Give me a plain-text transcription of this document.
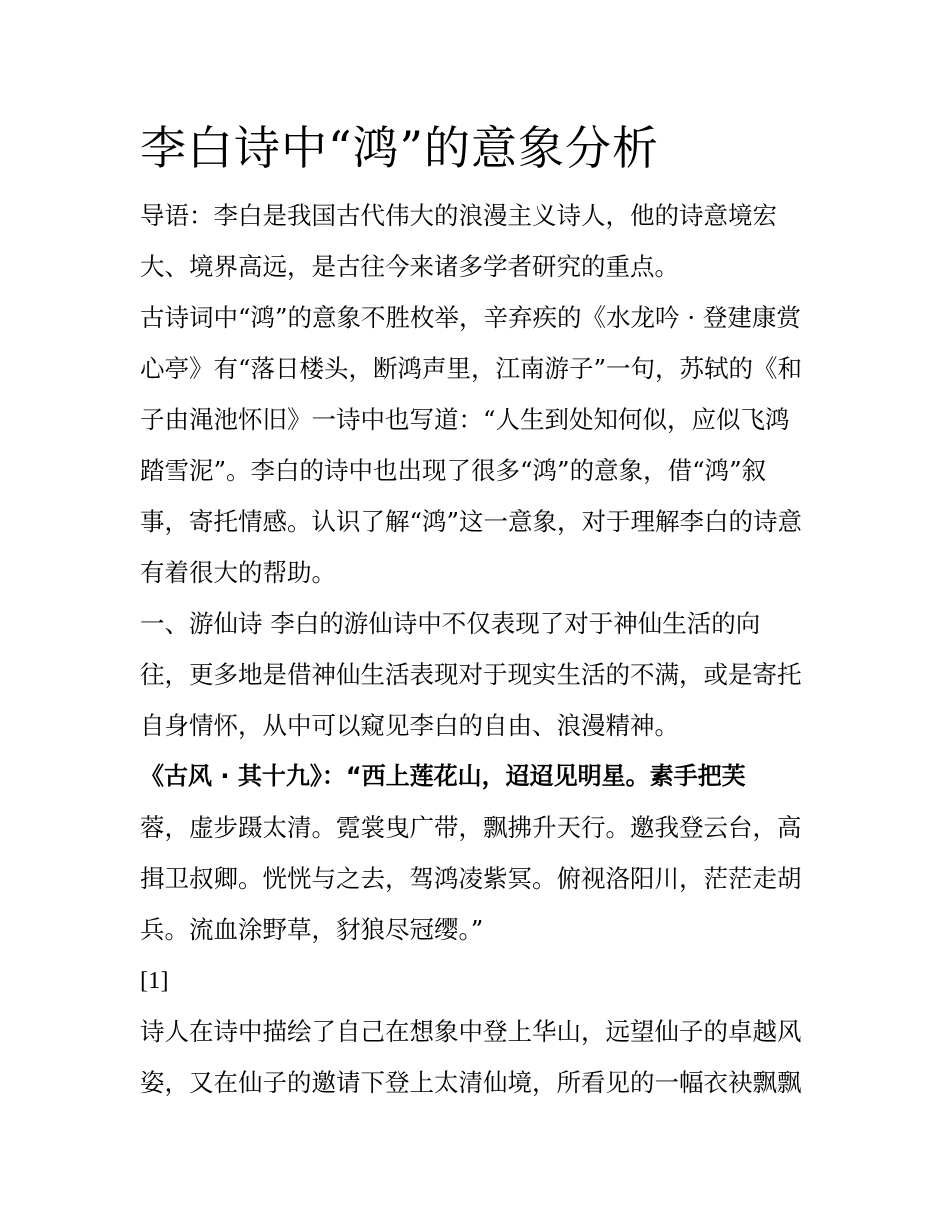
李白诗中“鸿”的意象分析

导语：李白是我国古代伟大的浪漫主义诗人，他的诗意境宏

大、境界高远，是古往今来诸多学者研究的重点。

古诗词中“鸿”的意象不胜枚举，辛弃疾的《水龙吟 · 登建康赏

心亭》有“落日楼头，断鸿声里，江南游子”一句，苏轼的《和

子由渑池怀旧》一诗中也写道：“人生到处知何似，应似飞鸿

踏雪泥”。李白的诗中也出现了很多“鸿”的意象，借“鸿”叙

事，寄托情感。认识了解“鸿”这一意象，对于理解李白的诗意

有着很大的帮助。

一、游仙诗 李白的游仙诗中不仅表现了对于神仙生活的向

往，更多地是借神仙生活表现对于现实生活的不满，或是寄托

自身情怀，从中可以窥见李白的自由、浪漫精神。

《古风 · 其十九》：“西上莲花山，迢迢见明星。素手把芙

蓉，虚步蹑太清。霓裳曳广带，飘拂升天行。邀我登云台，高

揖卫叔卿。恍恍与之去，驾鸿凌紫冥。俯视洛阳川，茫茫走胡

兵。流血涂野草，豺狼尽冠缨。”

[1]

诗人在诗中描绘了自己在想象中登上华山，远望仙子的卓越风

姿，又在仙子的邀请下登上太清仙境，所看见的一幅衣袂飘飘
